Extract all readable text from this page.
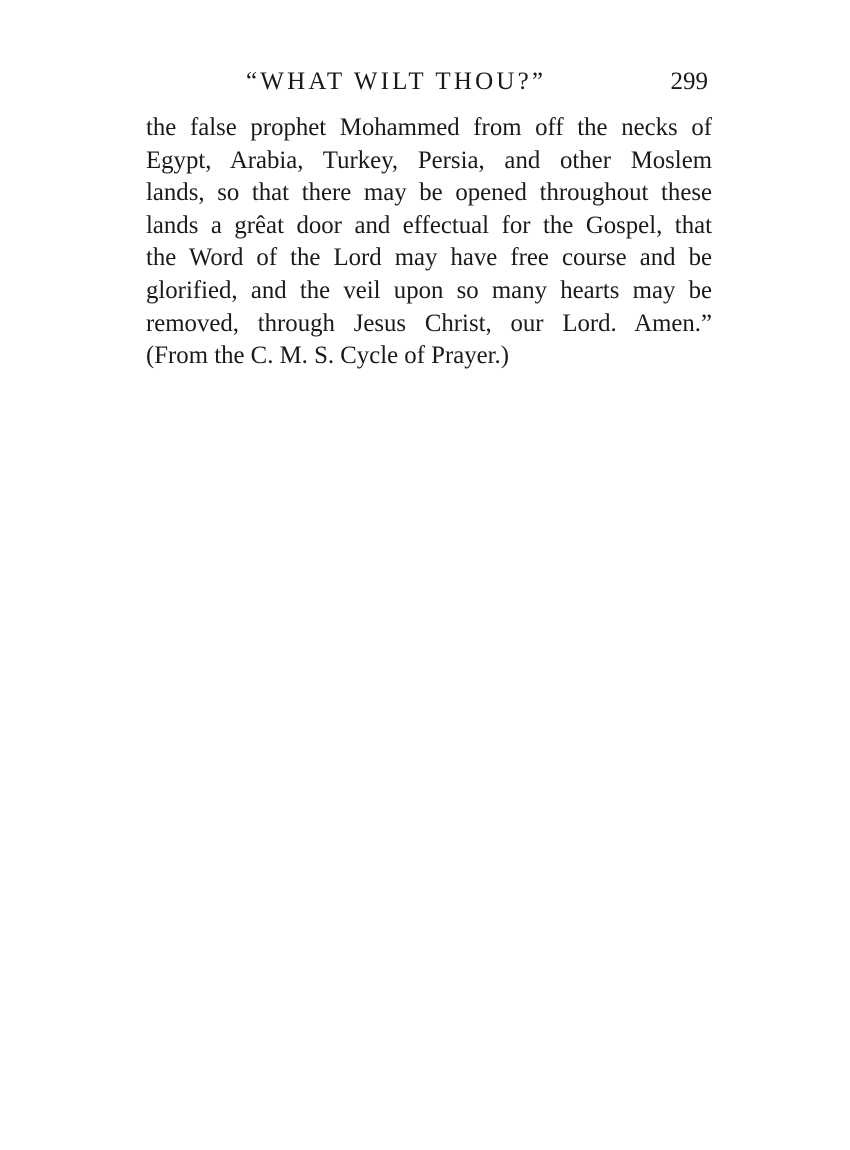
“WHAT WILT THOU?”	299
the false prophet Mohammed from off the necks of
Egypt, Arabia, Turkey, Persia, and other Moslem
lands, so that there may be opened throughout these
lands a grêat door and effectual for the Gospel, that
the Word of the Lord may have free course and be
glorified, and the veil upon so many hearts may be
removed, through Jesus Christ, our Lord. Amen.”
(From the C. M. S. Cycle of Prayer.)
